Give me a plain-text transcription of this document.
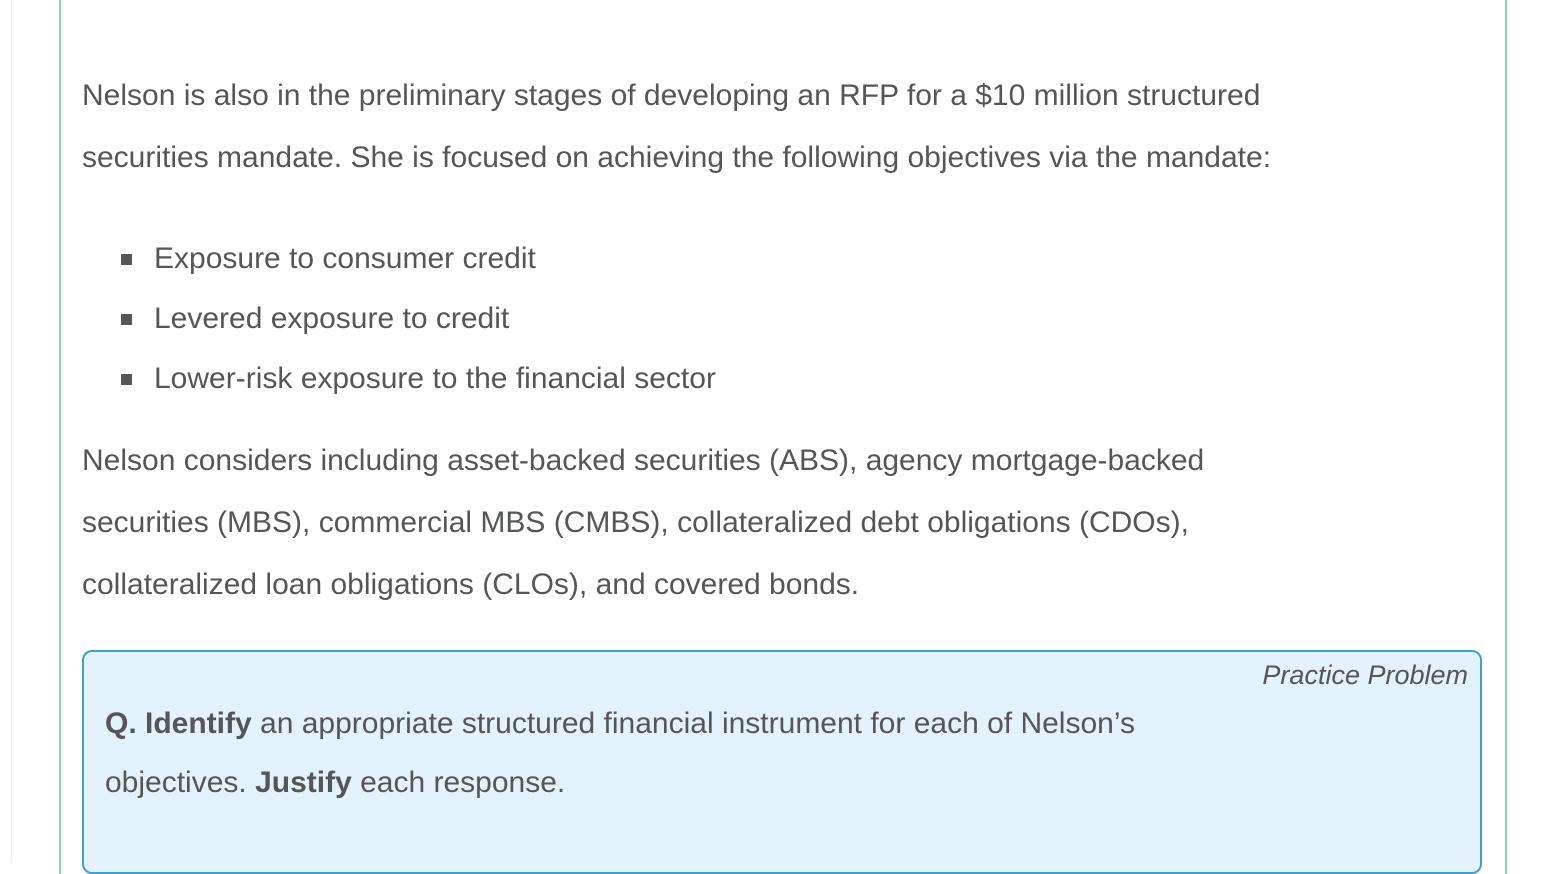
Nelson is also in the preliminary stages of developing an RFP for a $10 million structured
securities mandate. She is focused on achieving the following objectives via the mandate:
Exposure to consumer credit
Levered exposure to credit
Lower-risk exposure to the financial sector
Nelson considers including asset-backed securities (ABS), agency mortgage-backed
securities (MBS), commercial MBS (CMBS), collateralized debt obligations (CDOs),
collateralized loan obligations (CLOs), and covered bonds.
Practice Problem
Q. Identify an appropriate structured financial instrument for each of Nelson’s
objectives. Justify each response.
